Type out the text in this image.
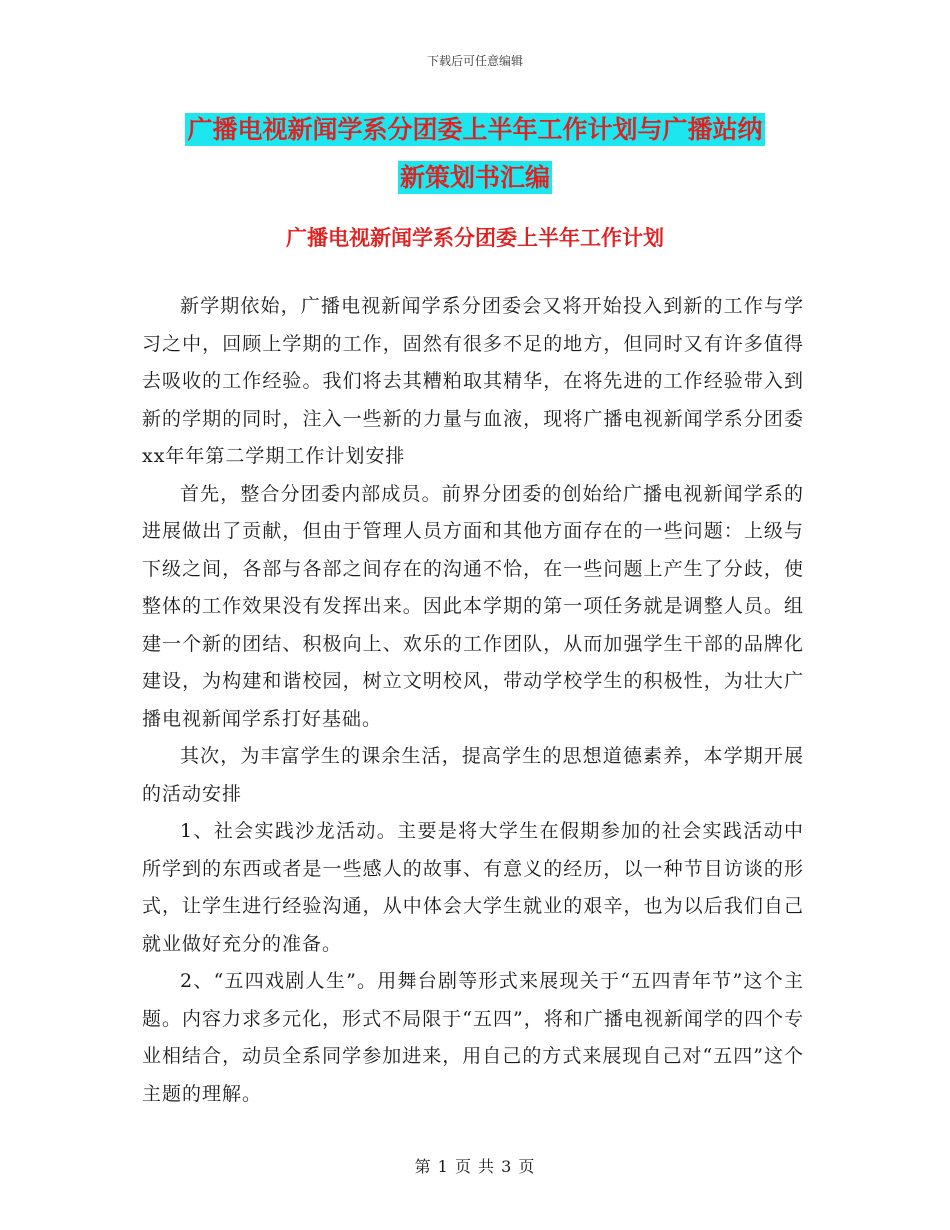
下载后可任意编辑
广播电视新闻学系分团委上半年工作计划与广播站纳
新策划书汇编
广播电视新闻学系分团委上半年工作计划

新学期依始，广播电视新闻学系分团委会又将开始投入到新的工作与学习之中，回顾上学期的工作，固然有很多不足的地方，但同时又有许多值得去吸收的工作经验。我们将去其糟粕取其精华，在将先进的工作经验带入到新的学期的同时，注入一些新的力量与血液，现将广播电视新闻学系分团委xx年年第二学期工作计划安排

首先，整合分团委内部成员。前界分团委的创始给广播电视新闻学系的进展做出了贡献，但由于管理人员方面和其他方面存在的一些问题：上级与下级之间，各部与各部之间存在的沟通不恰，在一些问题上产生了分歧，使整体的工作效果没有发挥出来。因此本学期的第一项任务就是调整人员。组建一个新的团结、积极向上、欢乐的工作团队，从而加强学生干部的品牌化建设，为构建和谐校园，树立文明校风，带动学校学生的积极性，为壮大广播电视新闻学系打好基础。

其次，为丰富学生的课余生活，提高学生的思想道德素养，本学期开展的活动安排

1、社会实践沙龙活动。主要是将大学生在假期参加的社会实践活动中所学到的东西或者是一些感人的故事、有意义的经历，以一种节目访谈的形式，让学生进行经验沟通，从中体会大学生就业的艰辛，也为以后我们自己就业做好充分的准备。

2、“五四戏剧人生”。用舞台剧等形式来展现关于“五四青年节”这个主题。内容力求多元化，形式不局限于“五四”，将和广播电视新闻学的四个专业相结合，动员全系同学参加进来，用自己的方式来展现自己对“五四”这个主题的理解。

第 1 页 共 3 页
